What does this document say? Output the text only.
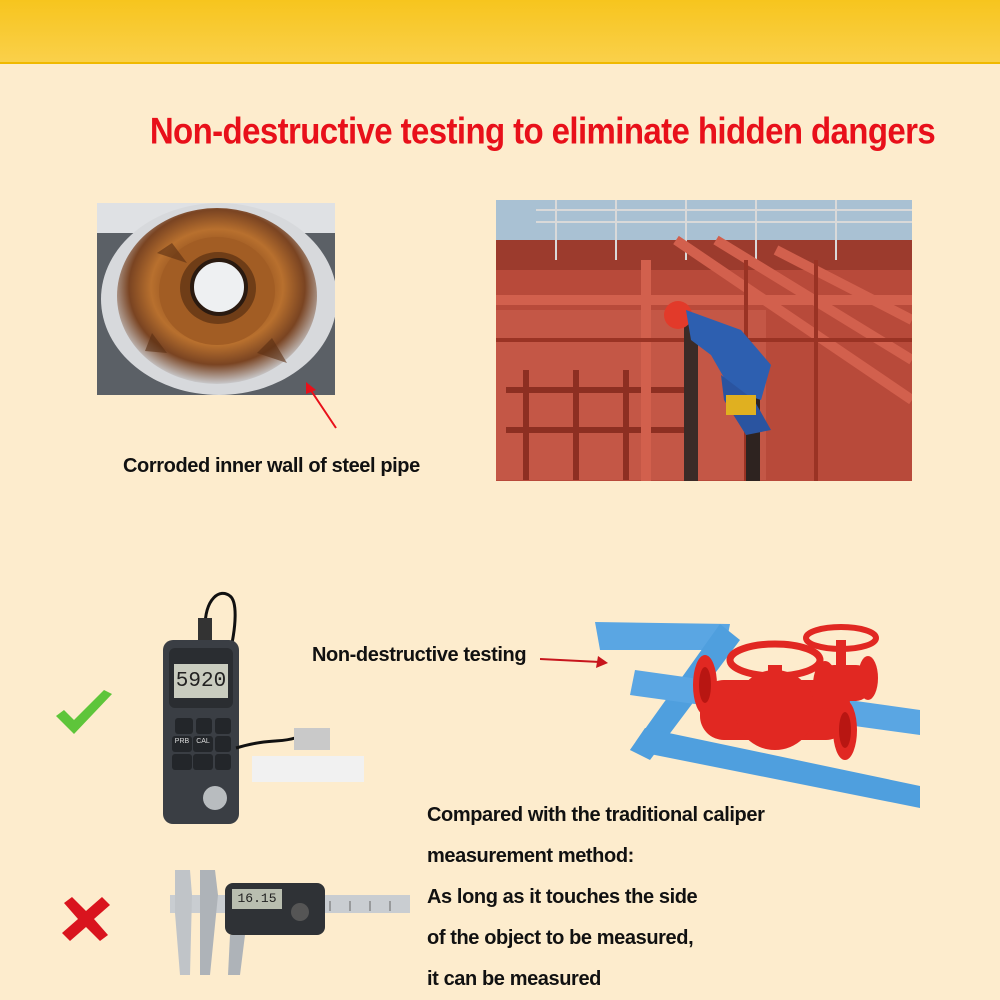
Non-destructive testing to eliminate hidden dangers
Corroded inner wall of steel pipe
5920
PRB CAL
Non-destructive testing
16.15

Compared with the traditional caliper

measurement method:

As long as it touches the side

of the object to be measured,

it can be measured
